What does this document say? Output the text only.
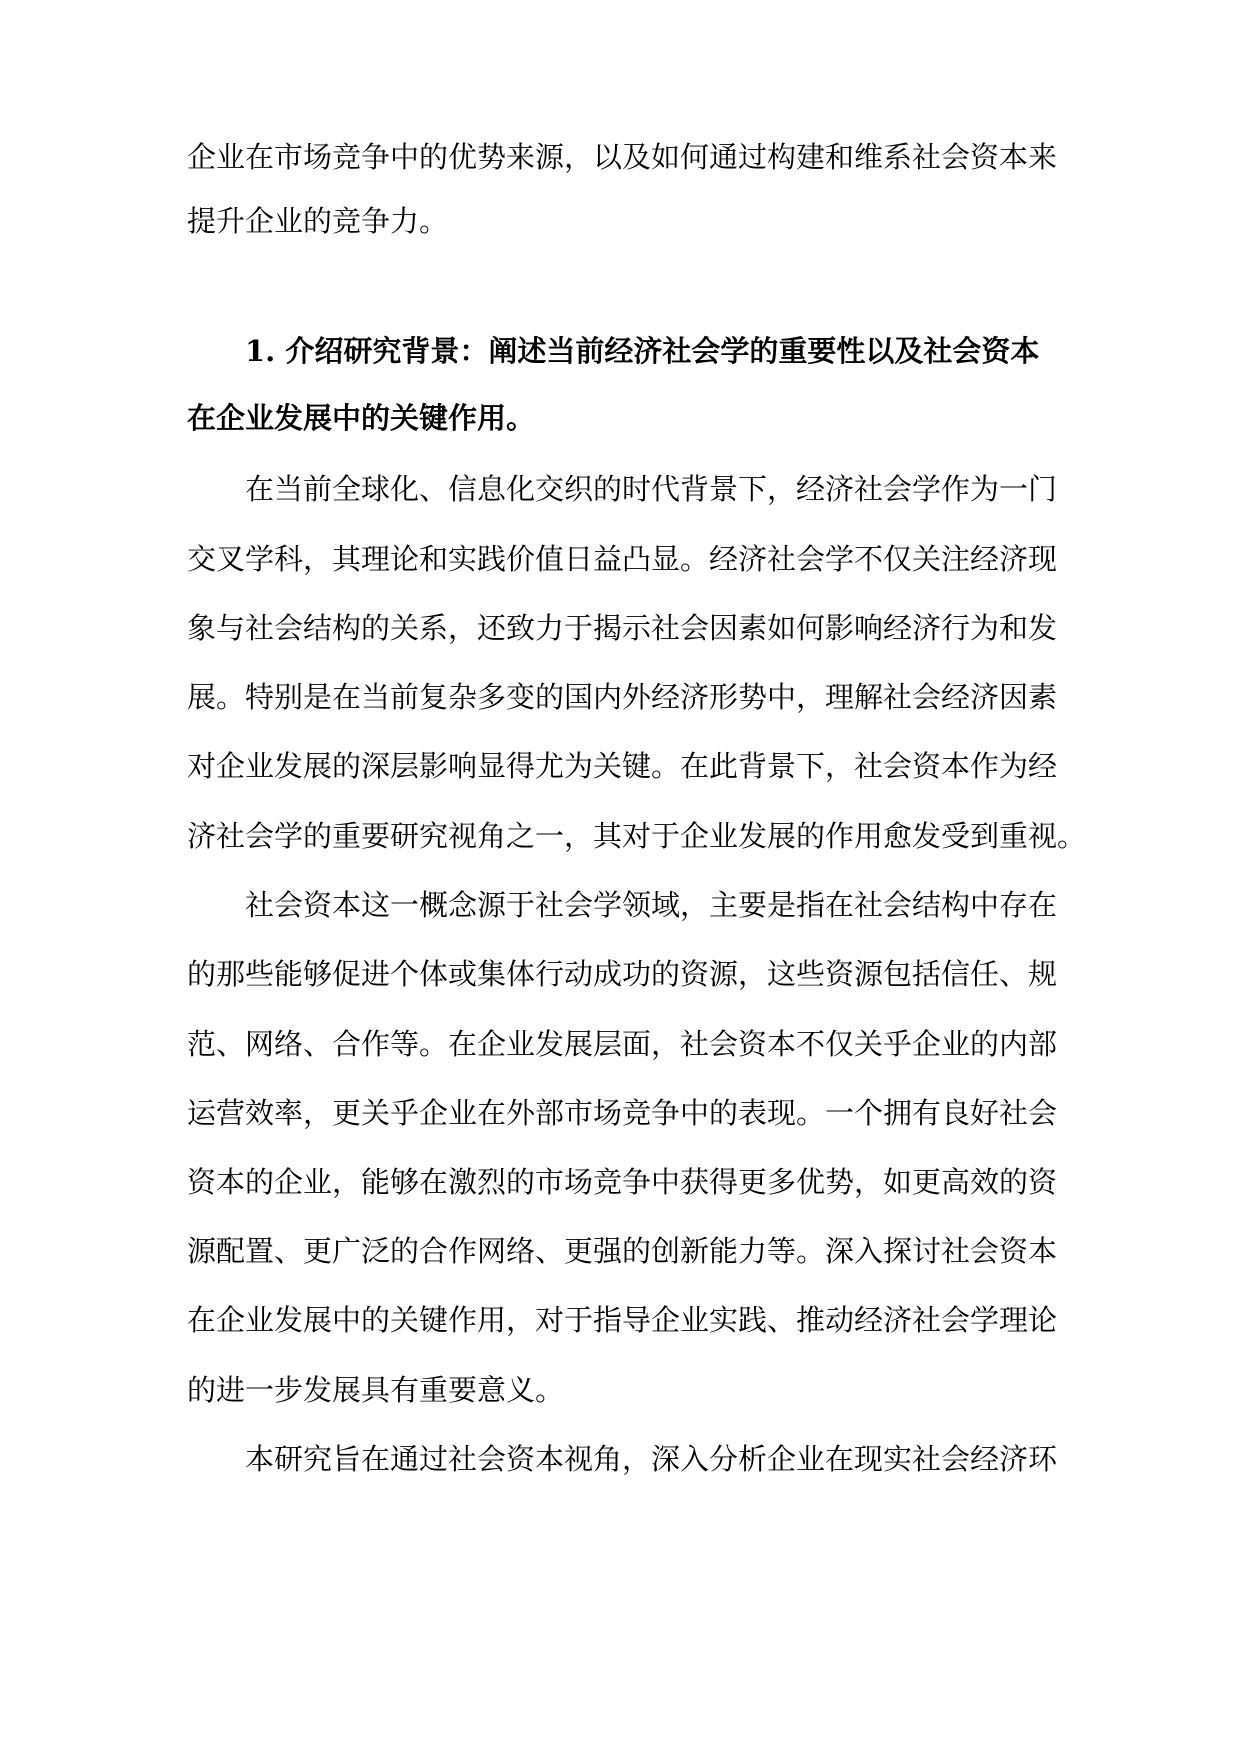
企业在市场竞争中的优势来源，以及如何通过构建和维系社会资本来
提升企业的竞争力。
1. 介绍研究背景：阐述当前经济社会学的重要性以及社会资本
在企业发展中的关键作用。
在当前全球化、信息化交织的时代背景下，经济社会学作为一门
交叉学科，其理论和实践价值日益凸显。经济社会学不仅关注经济现
象与社会结构的关系，还致力于揭示社会因素如何影响经济行为和发
展。特别是在当前复杂多变的国内外经济形势中，理解社会经济因素
对企业发展的深层影响显得尤为关键。在此背景下，社会资本作为经
济社会学的重要研究视角之一，其对于企业发展的作用愈发受到重视。
社会资本这一概念源于社会学领域，主要是指在社会结构中存在
的那些能够促进个体或集体行动成功的资源，这些资源包括信任、规
范、网络、合作等。在企业发展层面，社会资本不仅关乎企业的内部
运营效率，更关乎企业在外部市场竞争中的表现。一个拥有良好社会
资本的企业，能够在激烈的市场竞争中获得更多优势，如更高效的资
源配置、更广泛的合作网络、更强的创新能力等。深入探讨社会资本
在企业发展中的关键作用，对于指导企业实践、推动经济社会学理论
的进一步发展具有重要意义。
本研究旨在通过社会资本视角，深入分析企业在现实社会经济环
